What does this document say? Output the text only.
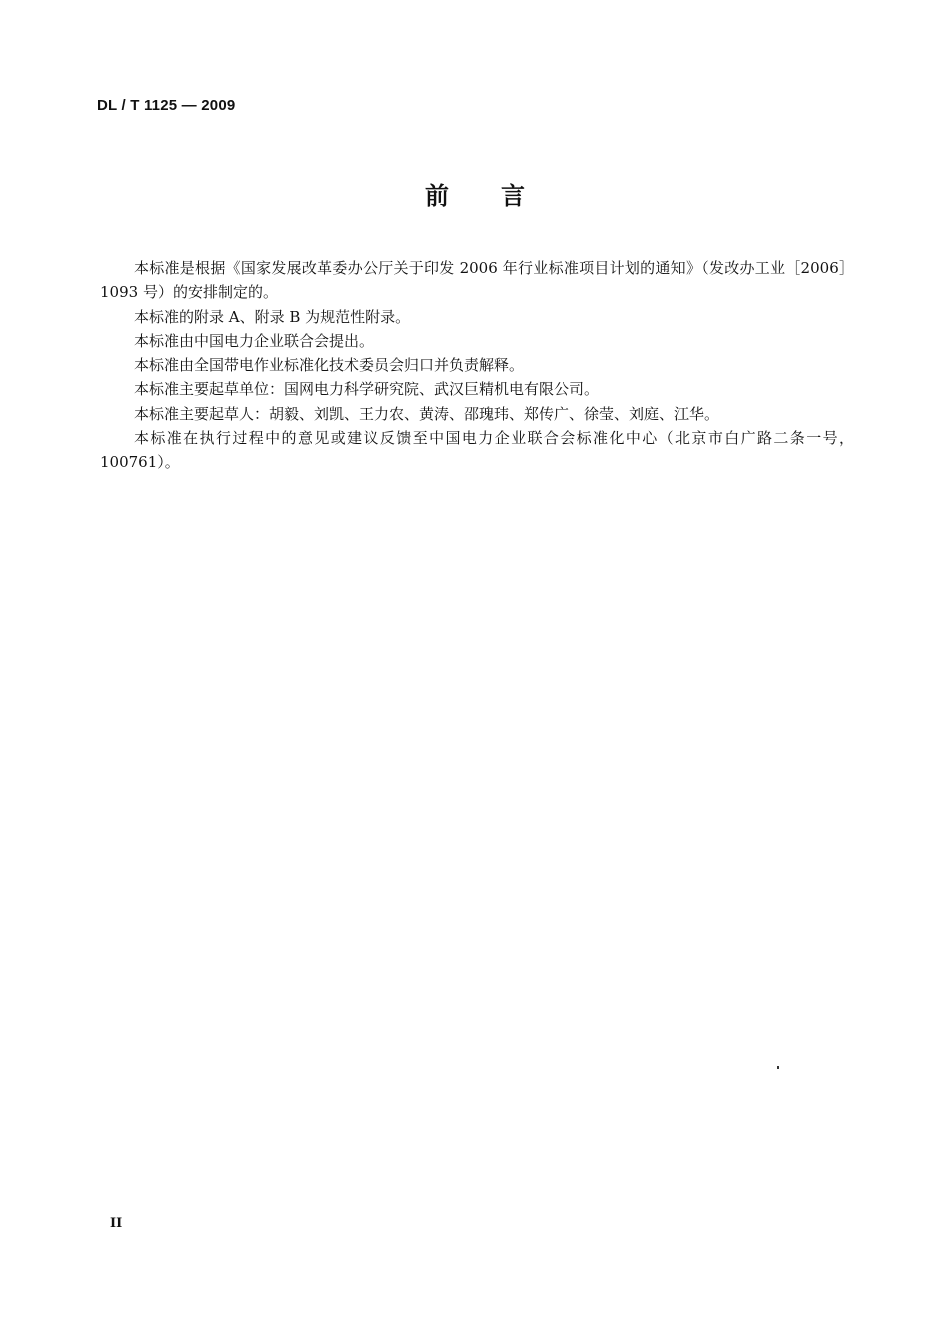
DL / T 1125 — 2009
前言

本标准是根据《国家发展改革委办公厅关于印发 2006 年行业标准项目计划的通知》（发改办工业［2006］1093 号）的安排制定的。

本标准的附录 A、附录 B 为规范性附录。

本标准由中国电力企业联合会提出。

本标准由全国带电作业标准化技术委员会归口并负责解释。

本标准主要起草单位：国网电力科学研究院、武汉巨精机电有限公司。

本标准主要起草人：胡毅、刘凯、王力农、黄涛、邵瑰玮、郑传广、徐莹、刘庭、江华。

本标准在执行过程中的意见或建议反馈至中国电力企业联合会标准化中心（北京市白广路二条一号，100761）。

II
